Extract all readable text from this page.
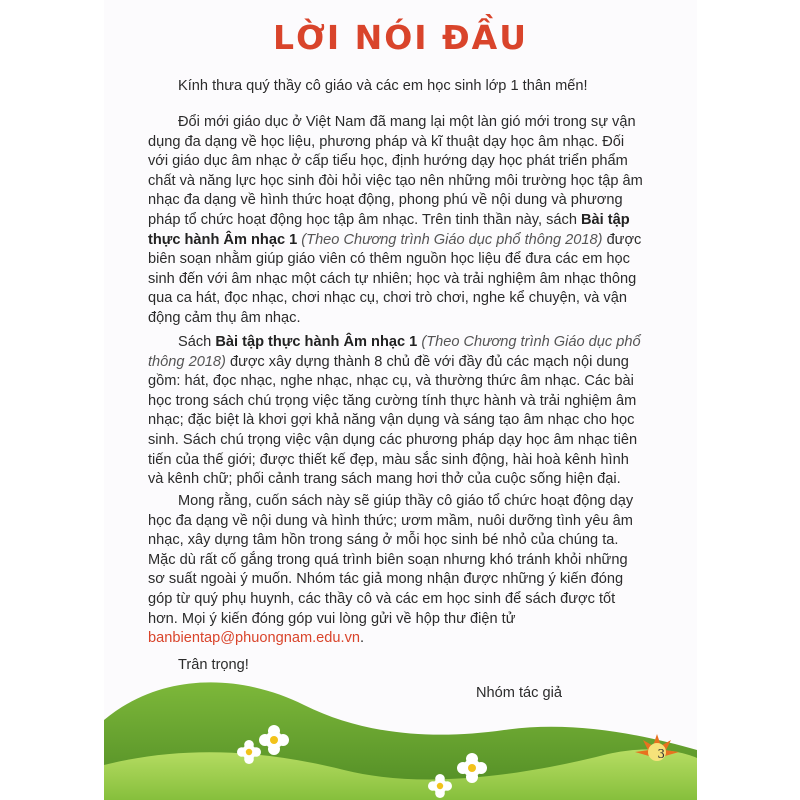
LỜI NÓI ĐẦU

Kính thưa quý thầy cô giáo và các em học sinh lớp 1 thân mến!

Đổi mới giáo dục ở Việt Nam đã mang lại một làn gió mới trong sự vận dụng đa dạng về học liệu, phương pháp và kĩ thuật dạy học âm nhạc. Đối với giáo dục âm nhạc ở cấp tiểu học, định hướng dạy học phát triển phẩm chất và năng lực học sinh đòi hỏi việc tạo nên những môi trường học tập âm nhạc đa dạng về hình thức hoạt động, phong phú về nội dung và phương pháp tổ chức hoạt động học tập âm nhạc. Trên tinh thần này, sách Bài tập thực hành Âm nhạc 1 (Theo Chương trình Giáo dục phổ thông 2018) được biên soạn nhằm giúp giáo viên có thêm nguồn học liệu để đưa các em học sinh đến với âm nhạc một cách tự nhiên; học và trải nghiệm âm nhạc thông qua ca hát, đọc nhạc, chơi nhạc cụ, chơi trò chơi, nghe kể chuyện, và vận động cảm thụ âm nhạc.

Sách Bài tập thực hành Âm nhạc 1 (Theo Chương trình Giáo dục phổ thông 2018) được xây dựng thành 8 chủ đề với đầy đủ các mạch nội dung gồm: hát, đọc nhạc, nghe nhạc, nhạc cụ, và thường thức âm nhạc. Các bài học trong sách chú trọng việc tăng cường tính thực hành và trải nghiệm âm nhạc; đặc biệt là khơi gợi khả năng vận dụng và sáng tạo âm nhạc cho học sinh. Sách chú trọng việc vận dụng các phương pháp dạy học âm nhạc tiên tiến của thế giới; được thiết kế đẹp, màu sắc sinh động, hài hoà kênh hình và kênh chữ; phối cảnh trang sách mang hơi thở của cuộc sống hiện đại.

Mong rằng, cuốn sách này sẽ giúp thầy cô giáo tổ chức hoạt động dạy học đa dạng về nội dung và hình thức; ươm mầm, nuôi dưỡng tình yêu âm nhạc, xây dựng tâm hồn trong sáng ở mỗi học sinh bé nhỏ của chúng ta. Mặc dù rất cố gắng trong quá trình biên soạn nhưng khó tránh khỏi những sơ suất ngoài ý muốn. Nhóm tác giả mong nhận được những ý kiến đóng góp từ quý phụ huynh, các thầy cô và các em học sinh để sách được tốt hơn. Mọi ý kiến đóng góp vui lòng gửi về hộp thư điện tử banbientap@phuongnam.edu.vn.

Trân trọng!

Nhóm tác giả
3
